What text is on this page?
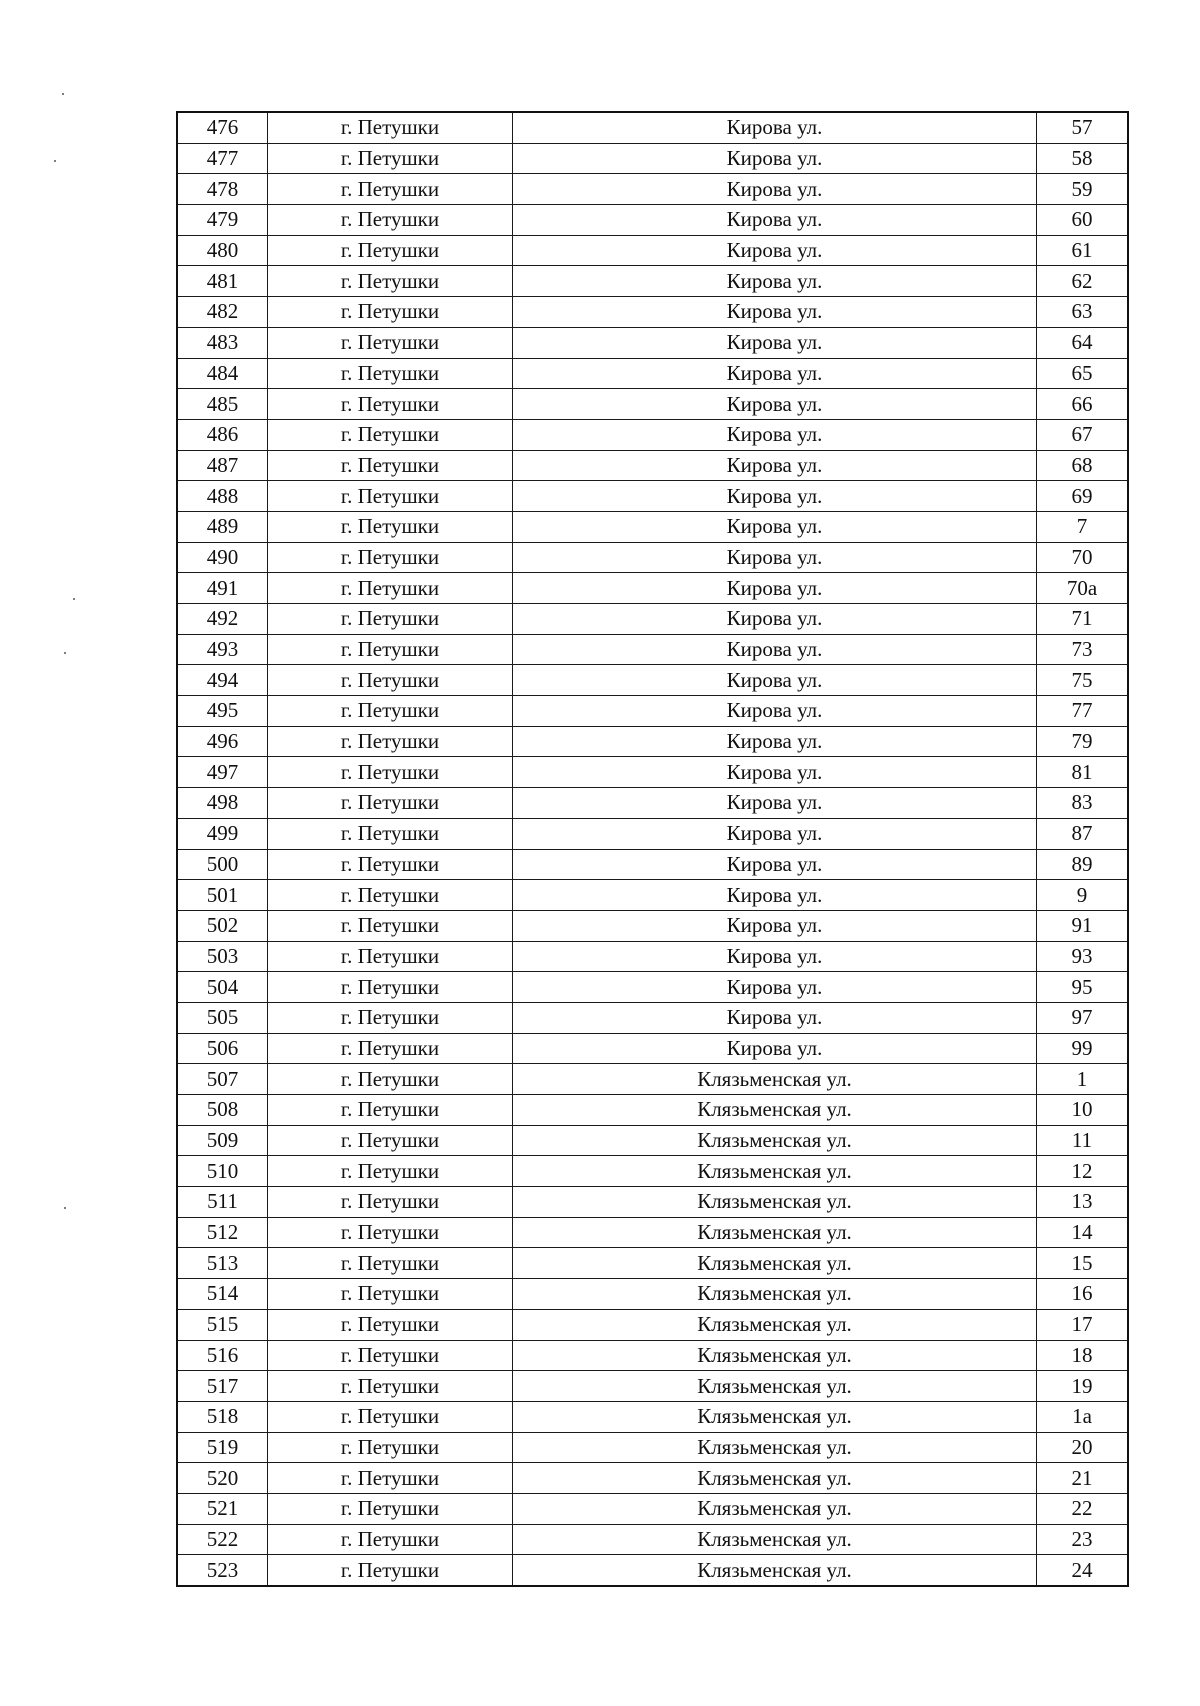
476	г. Петушки	Кирова ул.	57
477	г. Петушки	Кирова ул.	58
478	г. Петушки	Кирова ул.	59
479	г. Петушки	Кирова ул.	60
480	г. Петушки	Кирова ул.	61
481	г. Петушки	Кирова ул.	62
482	г. Петушки	Кирова ул.	63
483	г. Петушки	Кирова ул.	64
484	г. Петушки	Кирова ул.	65
485	г. Петушки	Кирова ул.	66
486	г. Петушки	Кирова ул.	67
487	г. Петушки	Кирова ул.	68
488	г. Петушки	Кирова ул.	69
489	г. Петушки	Кирова ул.	7
490	г. Петушки	Кирова ул.	70
491	г. Петушки	Кирова ул.	70а
492	г. Петушки	Кирова ул.	71
493	г. Петушки	Кирова ул.	73
494	г. Петушки	Кирова ул.	75
495	г. Петушки	Кирова ул.	77
496	г. Петушки	Кирова ул.	79
497	г. Петушки	Кирова ул.	81
498	г. Петушки	Кирова ул.	83
499	г. Петушки	Кирова ул.	87
500	г. Петушки	Кирова ул.	89
501	г. Петушки	Кирова ул.	9
502	г. Петушки	Кирова ул.	91
503	г. Петушки	Кирова ул.	93
504	г. Петушки	Кирова ул.	95
505	г. Петушки	Кирова ул.	97
506	г. Петушки	Кирова ул.	99
507	г. Петушки	Клязьменская ул.	1
508	г. Петушки	Клязьменская ул.	10
509	г. Петушки	Клязьменская ул.	11
510	г. Петушки	Клязьменская ул.	12
511	г. Петушки	Клязьменская ул.	13
512	г. Петушки	Клязьменская ул.	14
513	г. Петушки	Клязьменская ул.	15
514	г. Петушки	Клязьменская ул.	16
515	г. Петушки	Клязьменская ул.	17
516	г. Петушки	Клязьменская ул.	18
517	г. Петушки	Клязьменская ул.	19
518	г. Петушки	Клязьменская ул.	1а
519	г. Петушки	Клязьменская ул.	20
520	г. Петушки	Клязьменская ул.	21
521	г. Петушки	Клязьменская ул.	22
522	г. Петушки	Клязьменская ул.	23
523	г. Петушки	Клязьменская ул.	24
